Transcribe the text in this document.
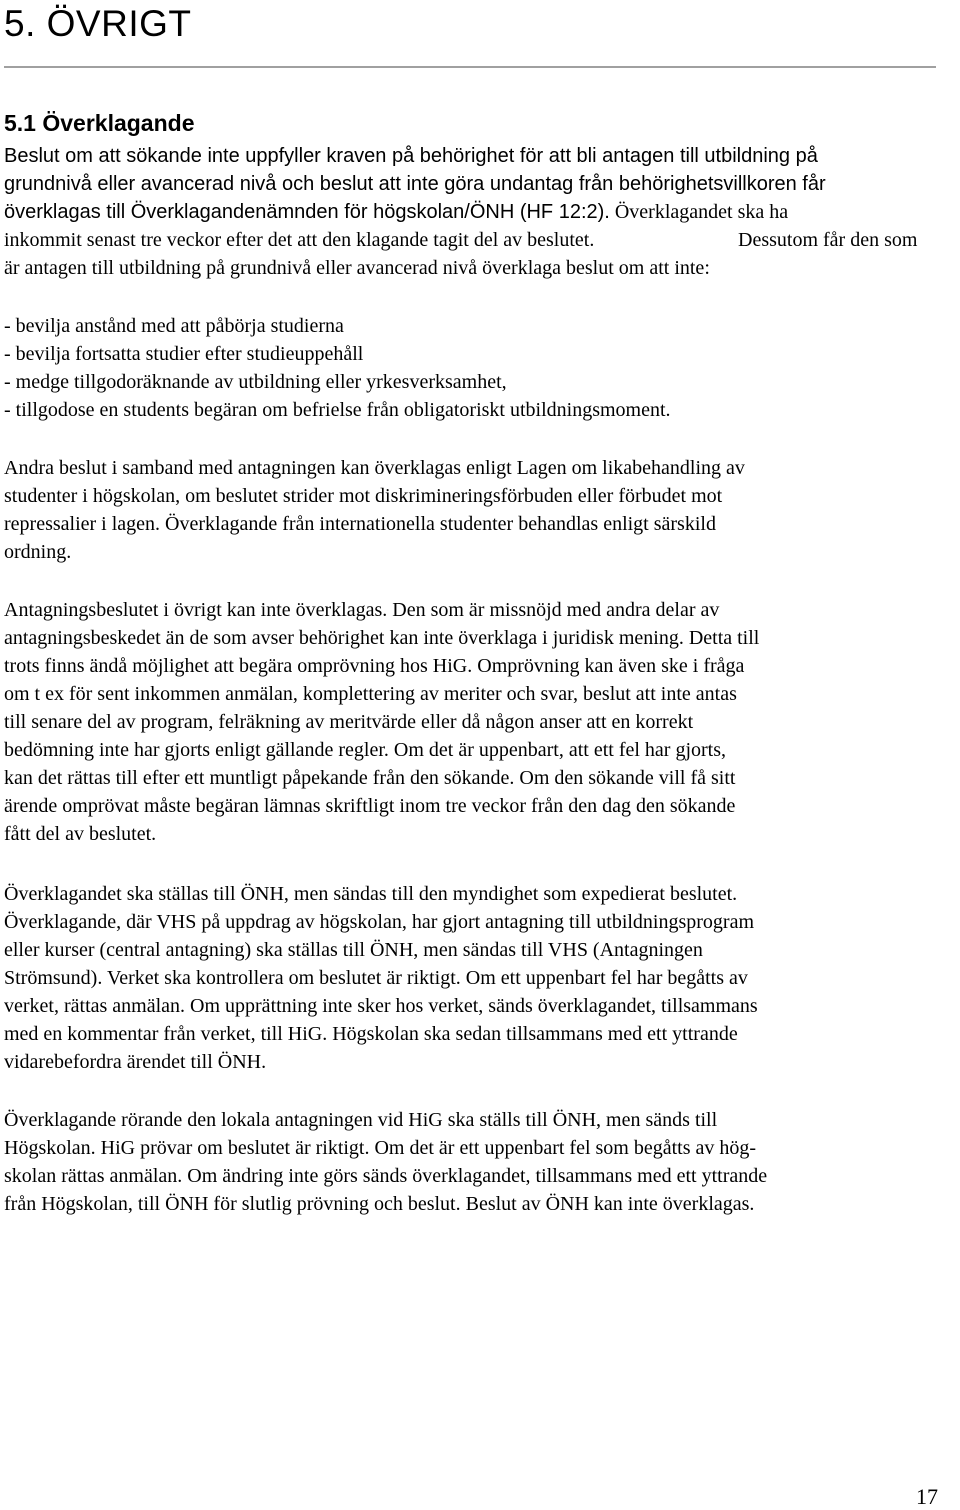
5. ÖVRIGT
5.1 Överklagande

Beslut om att sökande inte uppfyller kraven på behörighet för att bli antagen till utbildning på

grundnivå eller avancerad nivå och beslut att inte göra undantag från behörighetsvillkoren får

överklagas till Överklagandenämnden för högskolan/ÖNH (HF 12:2). Överklagandet ska ha

inkommit senast tre veckor efter det att den klagande tagit del av beslutet.	Dessutom får den som

är antagen till utbildning på grundnivå eller avancerad nivå överklaga beslut om att inte:

- bevilja anstånd med att påbörja studierna

- bevilja fortsatta studier efter studieuppehåll

- medge tillgodoräknande av utbildning eller yrkesverksamhet,

- tillgodose en students begäran om befrielse från obligatoriskt utbildningsmoment.

Andra beslut i samband med antagningen kan överklagas enligt Lagen om likabehandling av

studenter i högskolan, om beslutet strider mot diskrimineringsförbuden eller förbudet mot

repressalier i lagen. Överklagande från internationella studenter behandlas enligt särskild

ordning.

Antagningsbeslutet i övrigt kan inte överklagas. Den som är missnöjd med andra delar av

antagningsbeskedet än de som avser behörighet kan inte överklaga i juridisk mening. Detta till

trots finns ändå möjlighet att begära omprövning hos HiG. Omprövning kan även ske i fråga

om t ex för sent inkommen anmälan, komplettering av meriter och svar, beslut att inte antas

till senare del av program, felräkning av meritvärde eller då någon anser att en korrekt

bedömning inte har gjorts enligt gällande regler. Om det är uppenbart, att ett fel har gjorts,

kan det rättas till efter ett muntligt påpekande från den sökande. Om den sökande vill få sitt

ärende omprövat måste begäran lämnas skriftligt inom tre veckor från den dag den sökande

fått del av beslutet.

Överklagandet ska ställas till ÖNH, men sändas till den myndighet som expedierat beslutet.

Överklagande, där VHS på uppdrag av högskolan, har gjort antagning till utbildningsprogram

eller kurser (central antagning) ska ställas till ÖNH, men sändas till VHS (Antagningen

Strömsund). Verket ska kontrollera om beslutet är riktigt. Om ett uppenbart fel har begåtts av

verket, rättas anmälan. Om upprättning inte sker hos verket, sänds överklagandet, tillsammans

med en kommentar från verket, till HiG. Högskolan ska sedan tillsammans med ett yttrande

vidarebefordra ärendet till ÖNH.

Överklagande rörande den lokala antagningen vid HiG ska ställs till ÖNH, men sänds till

Högskolan. HiG prövar om beslutet är riktigt. Om det är ett uppenbart fel som begåtts av hög-

skolan rättas anmälan. Om ändring inte görs sänds överklagandet, tillsammans med ett yttrande

från Högskolan, till ÖNH för slutlig prövning och beslut. Beslut av ÖNH kan inte överklagas.

17
